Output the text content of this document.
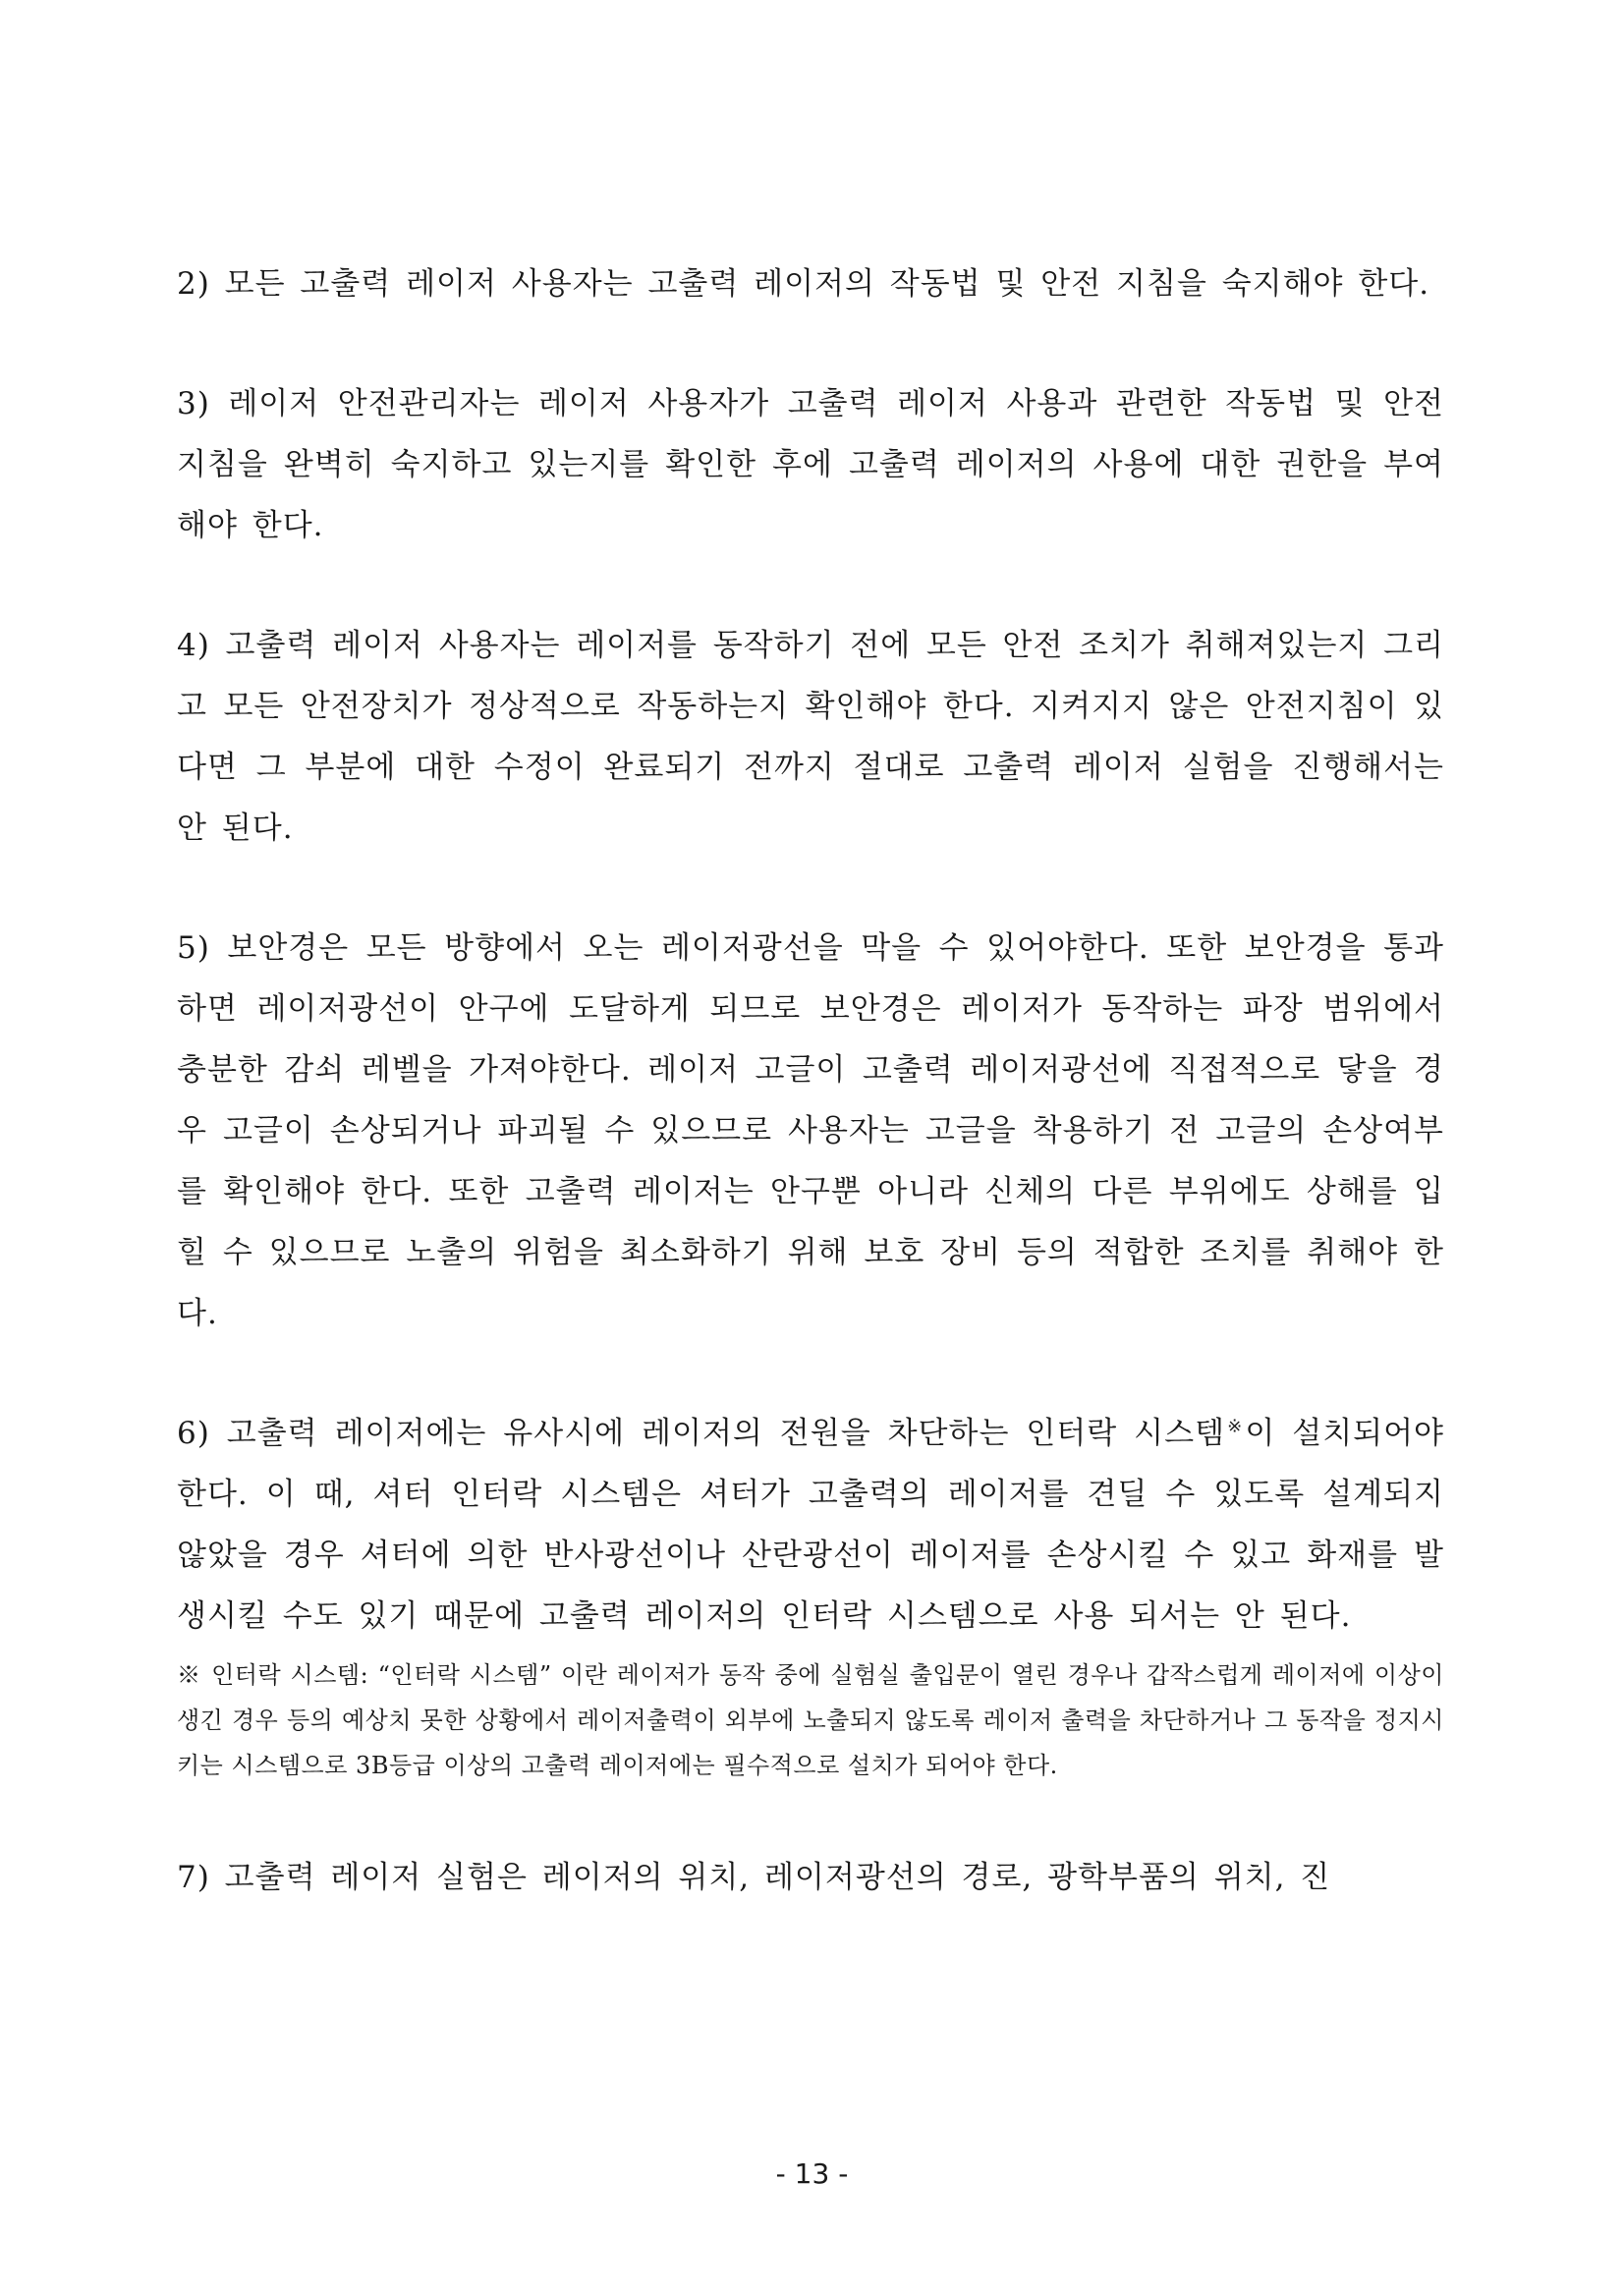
2) 모든 고출력 레이저 사용자는 고출력 레이저의 작동법 및 안전 지침을 숙지해야 한다.

3) 레이저 안전관리자는 레이저 사용자가 고출력 레이저 사용과 관련한 작동법 및 안전 지침을 완벽히 숙지하고 있는지를 확인한 후에 고출력 레이저의 사용에 대한 권한을 부여해야 한다.

4) 고출력 레이저 사용자는 레이저를 동작하기 전에 모든 안전 조치가 취해져있는지 그리고 모든 안전장치가 정상적으로 작동하는지 확인해야 한다. 지켜지지 않은 안전지침이 있다면 그 부분에 대한 수정이 완료되기 전까지 절대로 고출력 레이저 실험을 진행해서는 안 된다.

5) 보안경은 모든 방향에서 오는 레이저광선을 막을 수 있어야한다. 또한 보안경을 통과하면 레이저광선이 안구에 도달하게 되므로 보안경은 레이저가 동작하는 파장 범위에서 충분한 감쇠 레벨을 가져야한다. 레이저 고글이 고출력 레이저광선에 직접적으로 닿을 경우 고글이 손상되거나 파괴될 수 있으므로 사용자는 고글을 착용하기 전 고글의 손상여부를 확인해야 한다. 또한 고출력 레이저는 안구뿐 아니라 신체의 다른 부위에도 상해를 입힐 수 있으므로 노출의 위험을 최소화하기 위해 보호 장비 등의 적합한 조치를 취해야 한다.

6) 고출력 레이저에는 유사시에 레이저의 전원을 차단하는 인터락 시스템※이 설치되어야 한다. 이 때, 셔터 인터락 시스템은 셔터가 고출력의 레이저를 견딜 수 있도록 설계되지 않았을 경우 셔터에 의한 반사광선이나 산란광선이 레이저를 손상시킬 수 있고 화재를 발생시킬 수도 있기 때문에 고출력 레이저의 인터락 시스템으로 사용 되서는 안 된다.

※ 인터락 시스템: “인터락 시스템” 이란 레이저가 동작 중에 실험실 출입문이 열린 경우나 갑작스럽게 레이저에 이상이 생긴 경우 등의 예상치 못한 상황에서 레이저출력이 외부에 노출되지 않도록 레이저 출력을 차단하거나 그 동작을 정지시키는 시스템으로 3B등급 이상의 고출력 레이저에는 필수적으로 설치가 되어야 한다.

7) 고출력 레이저 실험은 레이저의 위치, 레이저광선의 경로, 광학부품의 위치, 진

- 13 -
